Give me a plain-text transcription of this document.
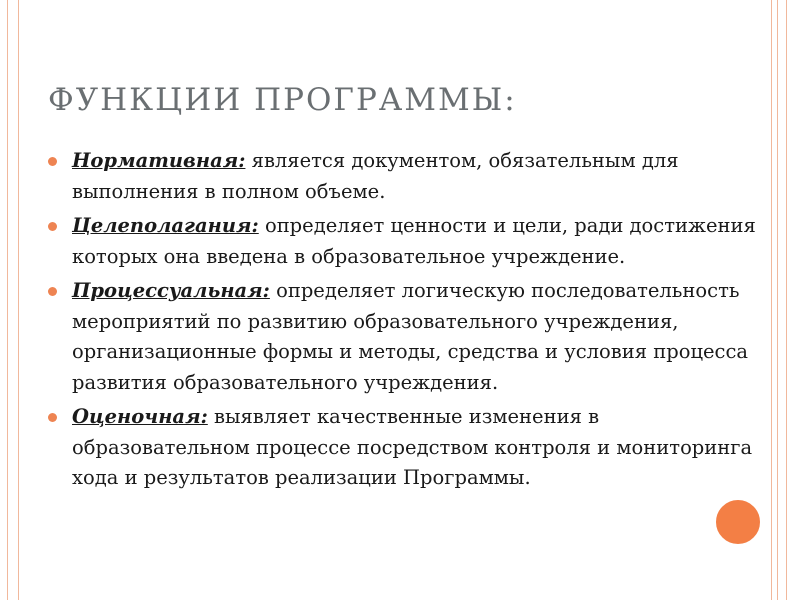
ФУНКЦИИ ПРОГРАММЫ:
Нормативная: является документом, обязательным для выполнения в полном объеме.
Целеполагания: определяет ценности и цели, ради достижения которых она введена в образовательное учреждение.
Процессуальная: определяет логическую последовательность мероприятий по развитию образовательного учреждения, организационные формы и методы, средства и условия процесса развития образовательного учреждения.
Оценочная: выявляет качественные изменения в образовательном процессе посредством контроля и мониторинга хода и результатов реализации Программы.
